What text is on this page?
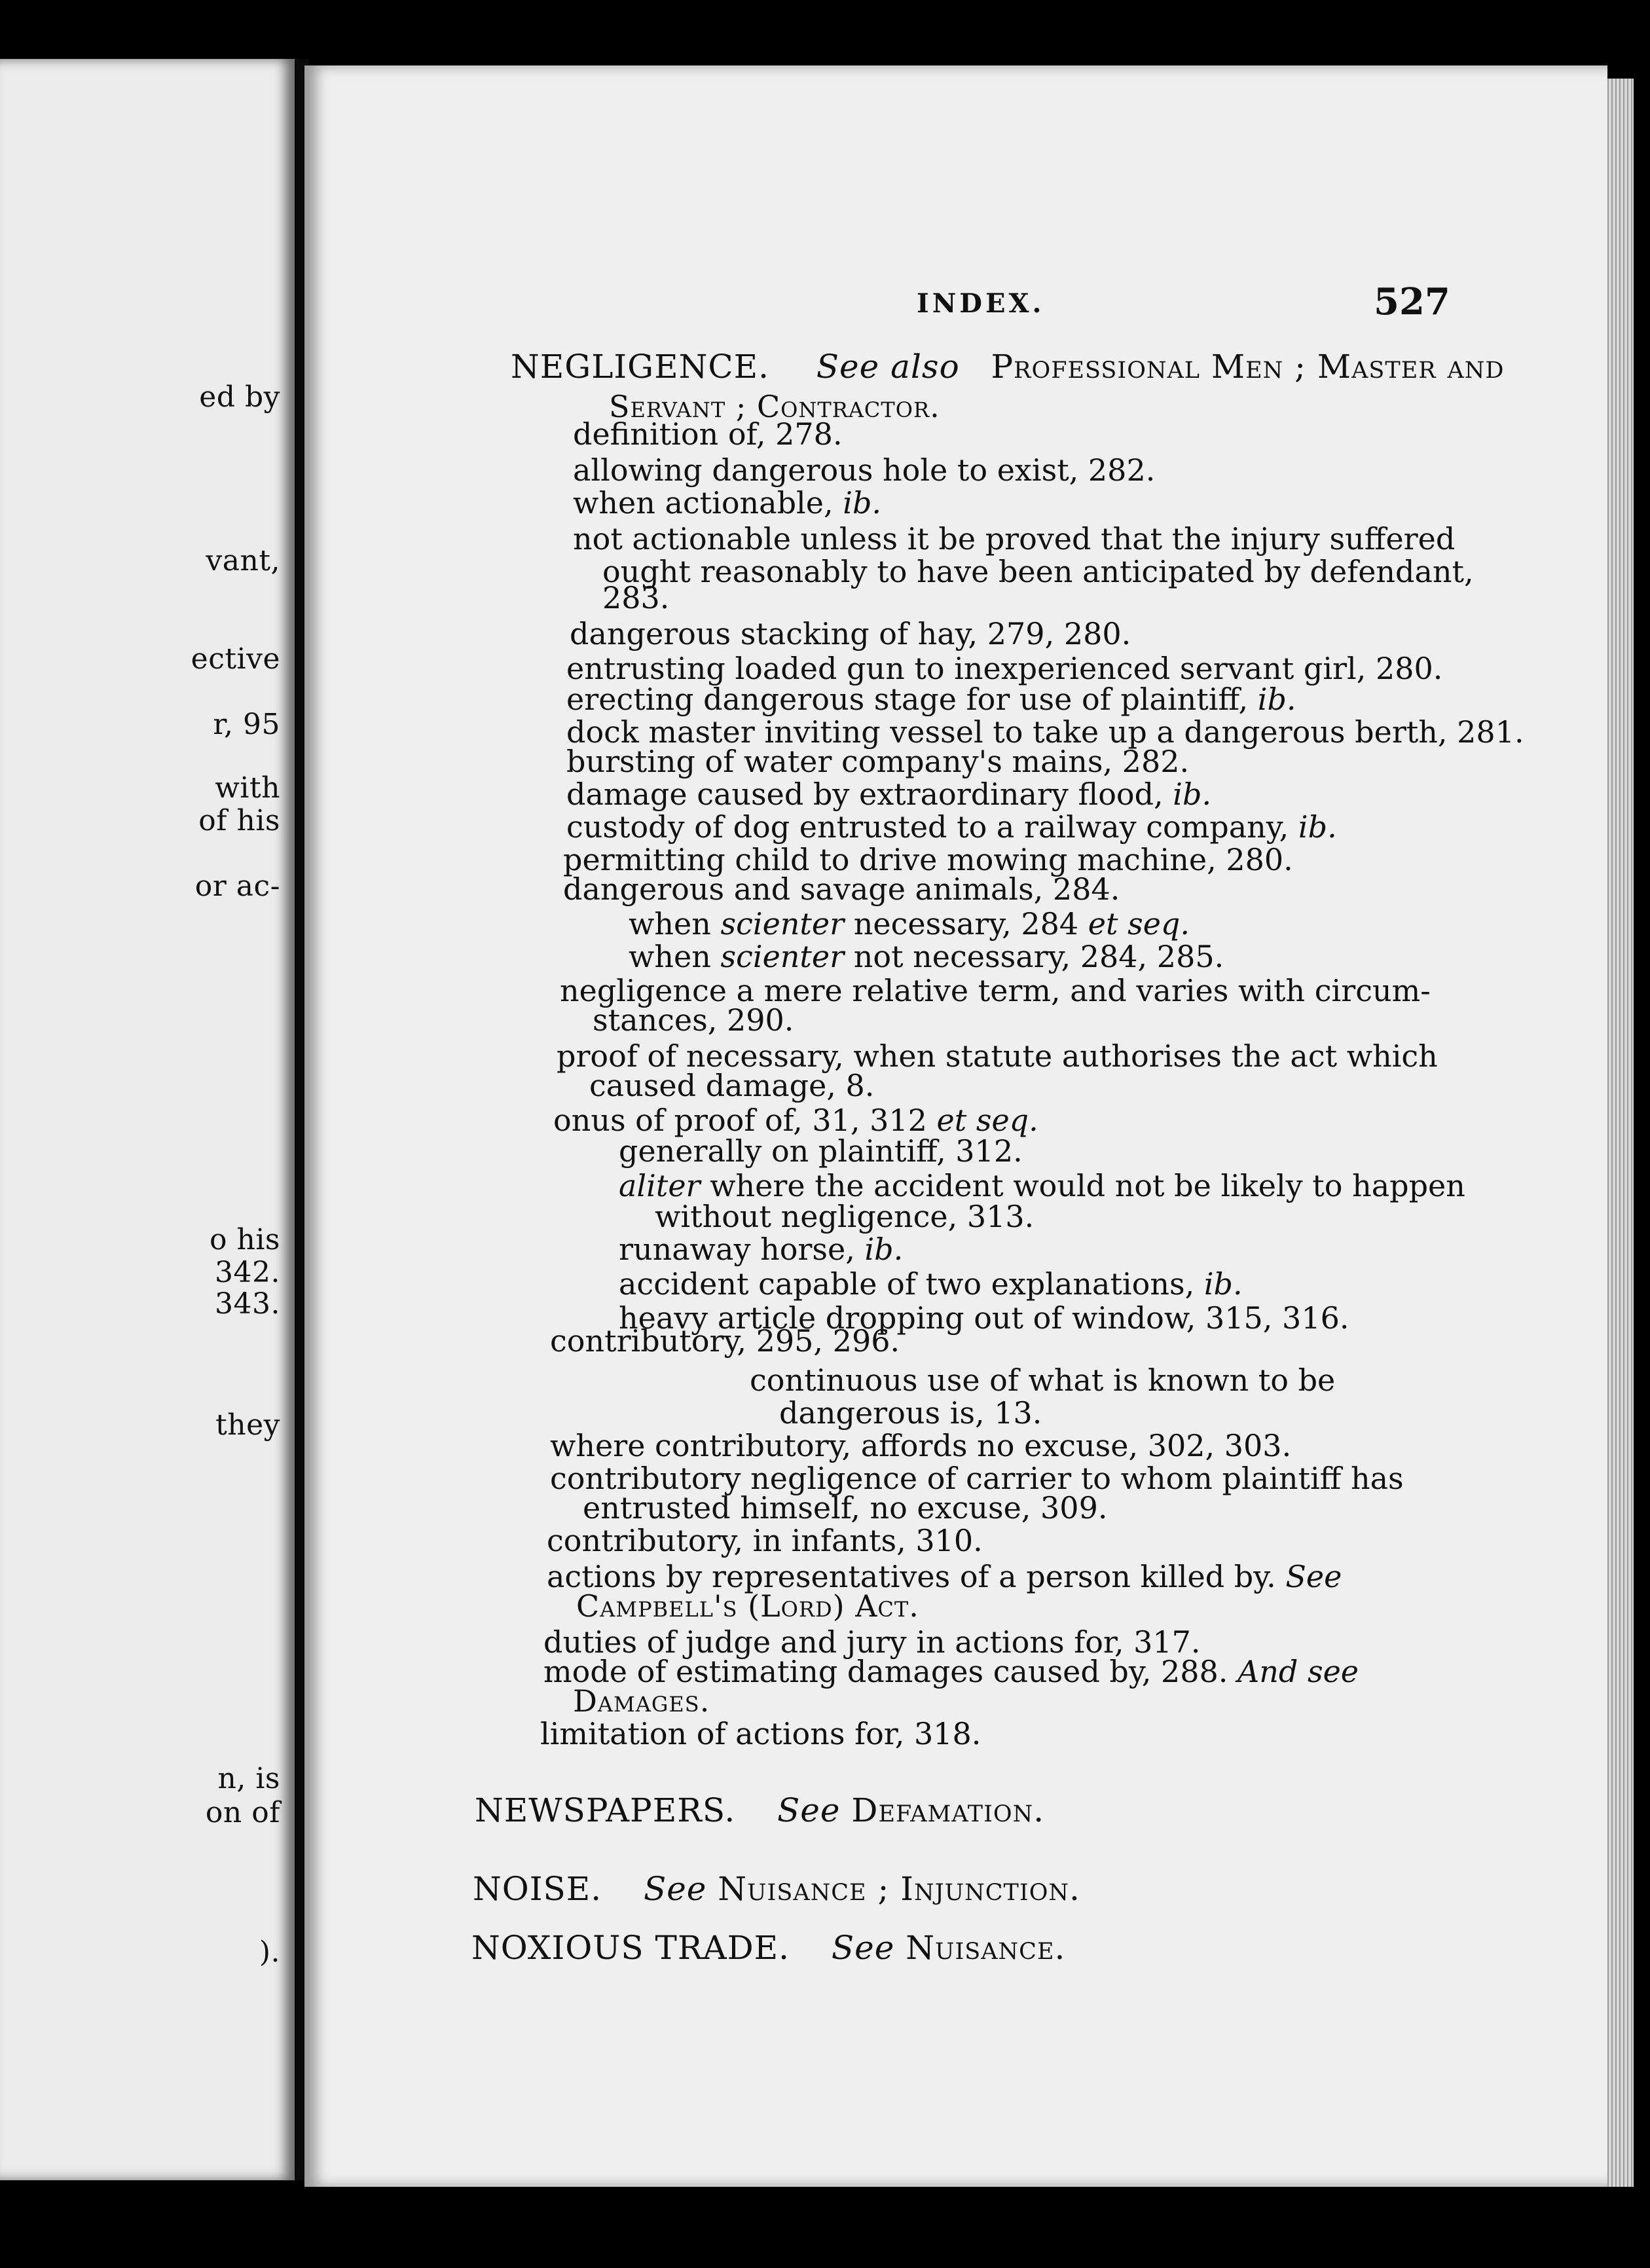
ed by
vant,
ective
r, 95
with
of his
or ac-
o his
342.
343.
they
n, is
on of
).
INDEX.	527
NEGLIGENCE. See also Professional Men ; Master and
Servant ; Contractor.
definition of, 278.
allowing dangerous hole to exist, 282.
when actionable, ib.
not actionable unless it be proved that the injury suffered
ought reasonably to have been anticipated by defendant,
283.
dangerous stacking of hay, 279, 280.
entrusting loaded gun to inexperienced servant girl, 280.
erecting dangerous stage for use of plaintiff, ib.
dock master inviting vessel to take up a dangerous berth, 281.
bursting of water company's mains, 282.
damage caused by extraordinary flood, ib.
custody of dog entrusted to a railway company, ib.
permitting child to drive mowing machine, 280.
dangerous and savage animals, 284.
when scienter necessary, 284 et seq.
when scienter not necessary, 284, 285.
negligence a mere relative term, and varies with circum-
stances, 290.
proof of necessary, when statute authorises the act which
caused damage, 8.
onus of proof of, 31, 312 et seq.
generally on plaintiff, 312.
aliter where the accident would not be likely to happen
without negligence, 313.
runaway horse, ib.
accident capable of two explanations, ib.
heavy article dropping out of window, 315, 316.
contributory, 295, 296.
continuous use of what is known to be
dangerous is, 13.
where contributory, affords no excuse, 302, 303.
contributory negligence of carrier to whom plaintiff has
entrusted himself, no excuse, 309.
contributory, in infants, 310.
actions by representatives of a person killed by. See
Campbell's (Lord) Act.
duties of judge and jury in actions for, 317.
mode of estimating damages caused by, 288. And see
Damages.
limitation of actions for, 318.
NEWSPAPERS. See Defamation.
NOISE. See Nuisance ; Injunction.
NOXIOUS TRADE. See Nuisance.
